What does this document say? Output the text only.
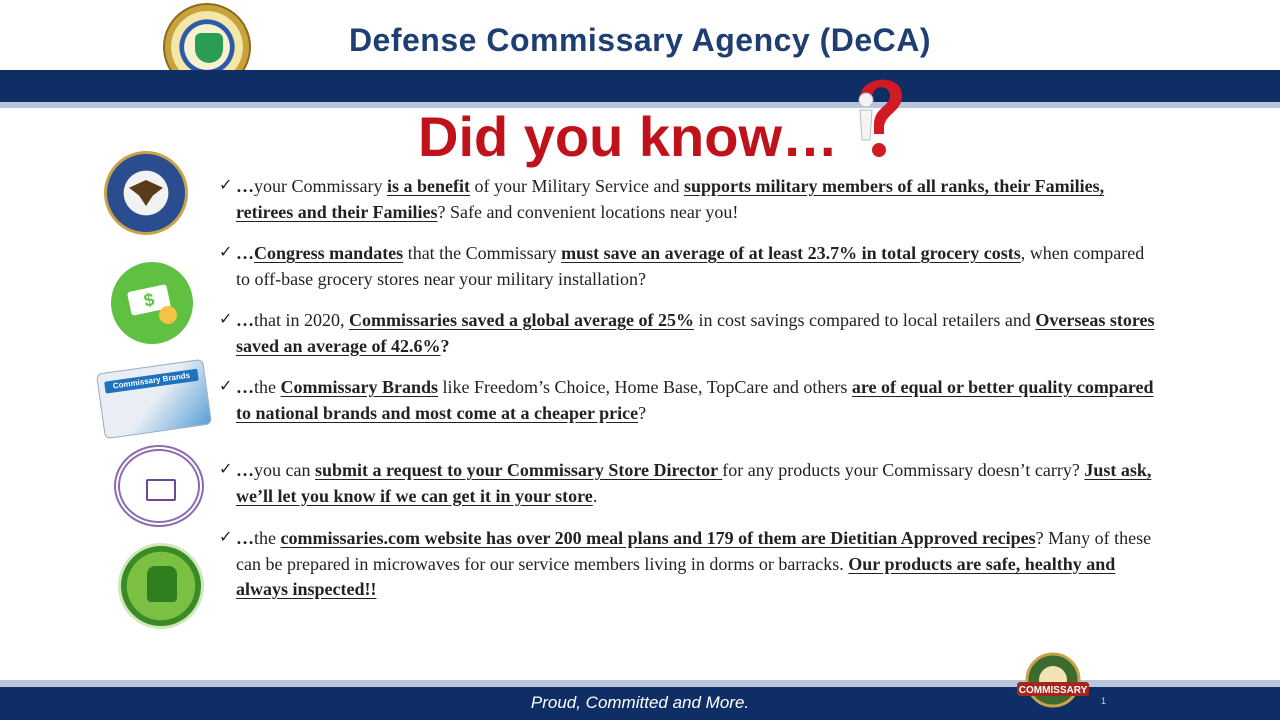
Defense Commissary Agency (DeCA)
Did you know…
$
Commissary Brands
✓ …your Commissary is a benefit of your Military Service and supports military members of all ranks, their Families, retirees and their Families? Safe and convenient locations near you!
✓ …Congress mandates that the Commissary must save an average of at least 23.7% in total grocery costs, when compared to off-base grocery stores near your military installation?
✓ …that in 2020, Commissaries saved a global average of 25% in cost savings compared to local retailers and Overseas stores saved an average of 42.6%?
✓ …the Commissary Brands like Freedom’s Choice, Home Base, TopCare and others are of equal or better quality compared to national brands and most come at a cheaper price?
✓ …you can submit a request to your Commissary Store Director for any products your Commissary doesn’t carry? Just ask, we’ll let you know if we can get it in your store.
✓ …the commissaries.com website has over 200 meal plans and 179 of them are Dietitian Approved recipes? Many of these can be prepared in microwaves for our service members living in dorms or barracks. Our products are safe, healthy and always inspected!!
Proud, Committed and More.
COMMISSARY
1
